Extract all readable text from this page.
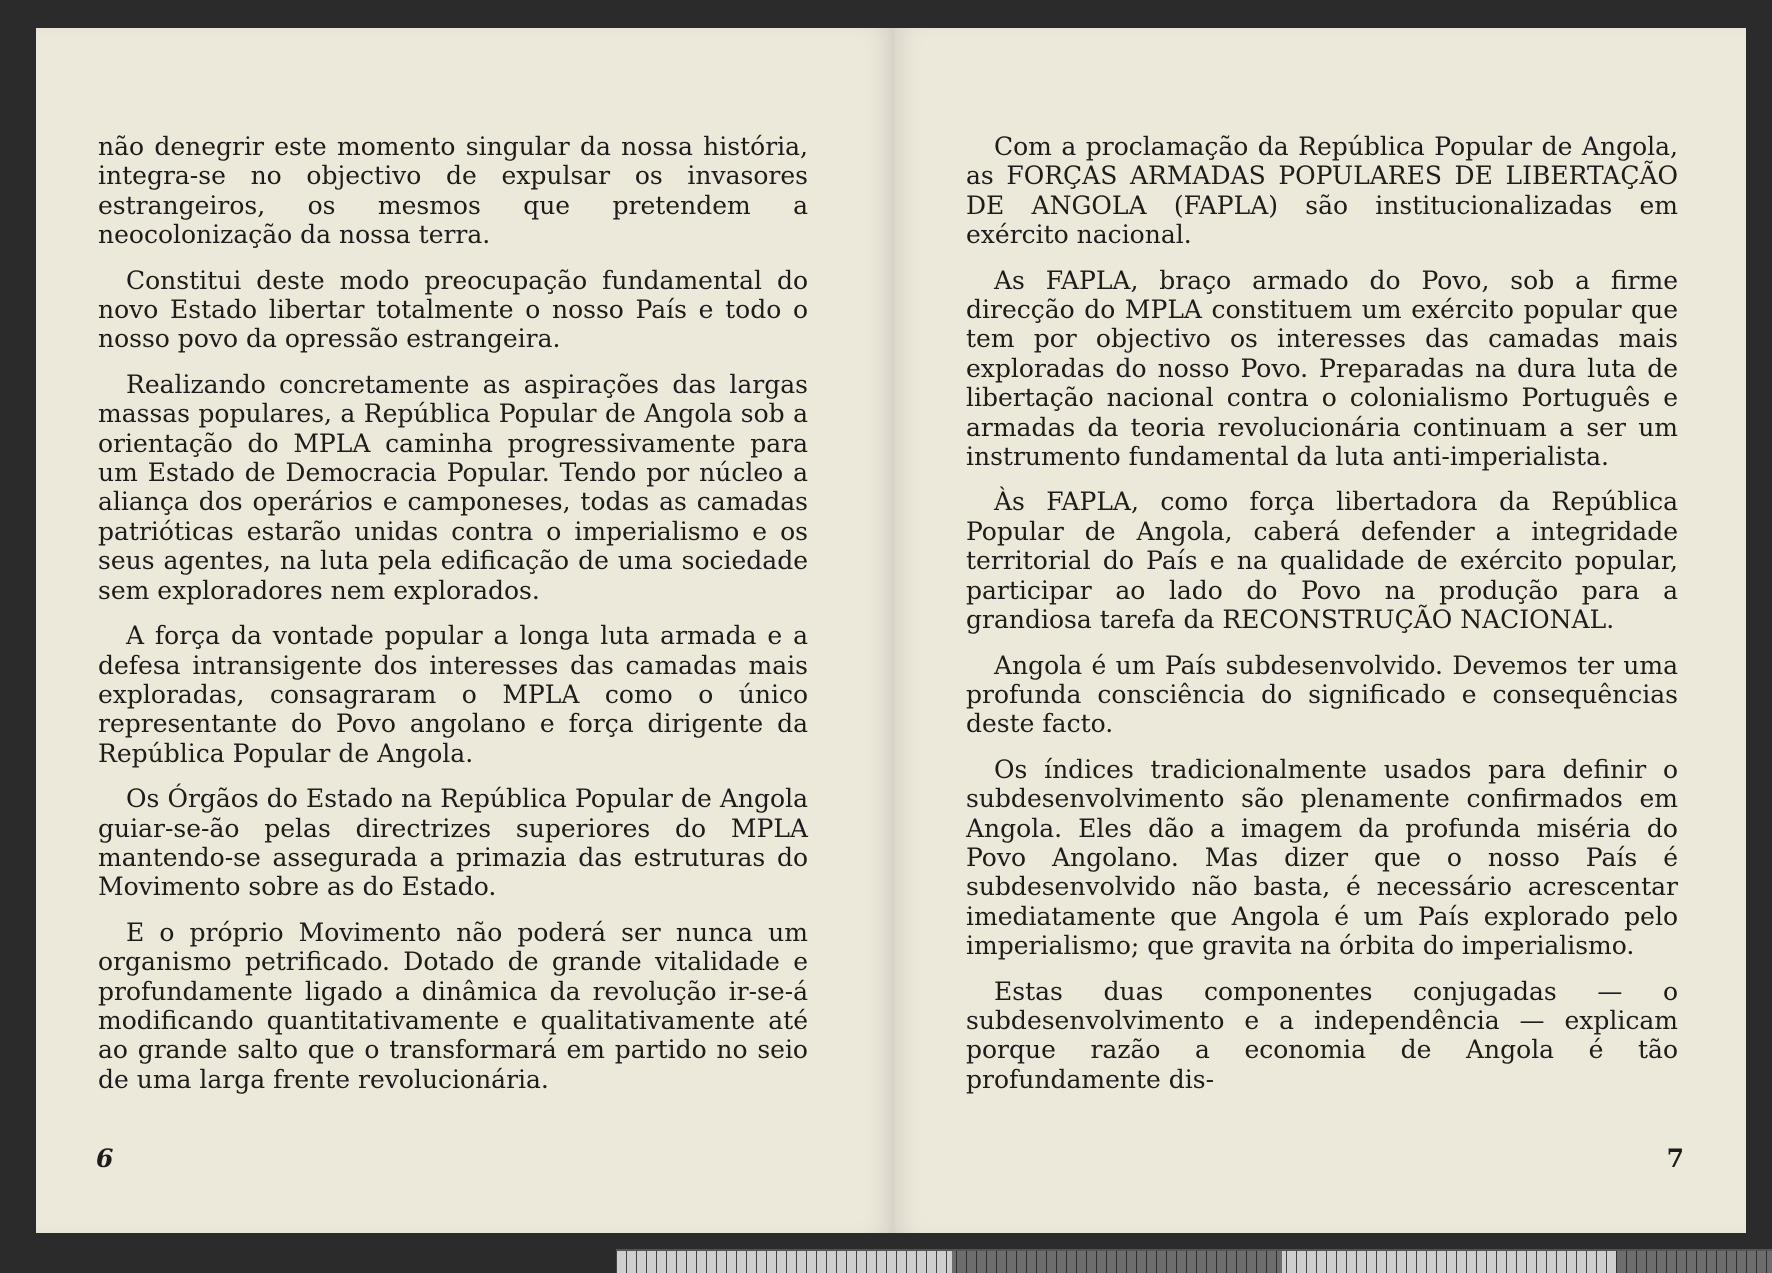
não denegrir este momento singular da nossa história, integra-se no objectivo de expulsar os invasores estrangeiros, os mesmos que pretendem a neocolonização da nossa terra.

Constitui deste modo preocupação fundamental do novo Estado libertar totalmente o nosso País e todo o nosso povo da opressão estrangeira.

Realizando concretamente as aspirações das largas massas populares, a República Popular de Angola sob a orientação do MPLA caminha progressivamente para um Estado de Democracia Popular. Tendo por núcleo a aliança dos operários e camponeses, todas as camadas patrióticas estarão unidas contra o imperialismo e os seus agentes, na luta pela edificação de uma sociedade sem exploradores nem explorados.

A força da vontade popular a longa luta armada e a defesa intransigente dos interesses das camadas mais exploradas, consagraram o MPLA como o único representante do Povo angolano e força dirigente da República Popular de Angola.

Os Órgãos do Estado na República Popular de Angola guiar-se-ão pelas directrizes superiores do MPLA mantendo-se assegurada a primazia das estruturas do Movimento sobre as do Estado.

E o próprio Movimento não poderá ser nunca um organismo petrificado. Dotado de grande vitalidade e profundamente ligado a dinâmica da revolução ir-se-á modificando quantitativamente e qualitativamente até ao grande salto que o transformará em partido no seio de uma larga frente revolucionária.

6

Com a proclamação da República Popular de Angola, as FORÇAS ARMADAS POPULARES DE LIBERTAÇÃO DE ANGOLA (FAPLA) são institucionalizadas em exército nacional.

As FAPLA, braço armado do Povo, sob a firme direcção do MPLA constituem um exército popular que tem por objectivo os interesses das camadas mais exploradas do nosso Povo. Preparadas na dura luta de libertação nacional contra o colonialismo Português e armadas da teoria revolucionária continuam a ser um instrumento fundamental da luta anti-imperialista.

Às FAPLA, como força libertadora da República Popular de Angola, caberá defender a integridade territorial do País e na qualidade de exército popular, participar ao lado do Povo na produção para a grandiosa tarefa da RECONSTRUÇÃO NACIONAL.

Angola é um País subdesenvolvido. Devemos ter uma profunda consciência do significado e consequências deste facto.

Os índices tradicionalmente usados para definir o subdesenvolvimento são plenamente confirmados em Angola. Eles dão a imagem da profunda miséria do Povo Angolano. Mas dizer que o nosso País é subdesenvolvido não basta, é necessário acrescentar imediatamente que Angola é um País explorado pelo imperialismo; que gravita na órbita do imperialismo.

Estas duas componentes conjugadas — o subdesenvolvimento e a independência — explicam porque razão a economia de Angola é tão profundamente dis-

7
